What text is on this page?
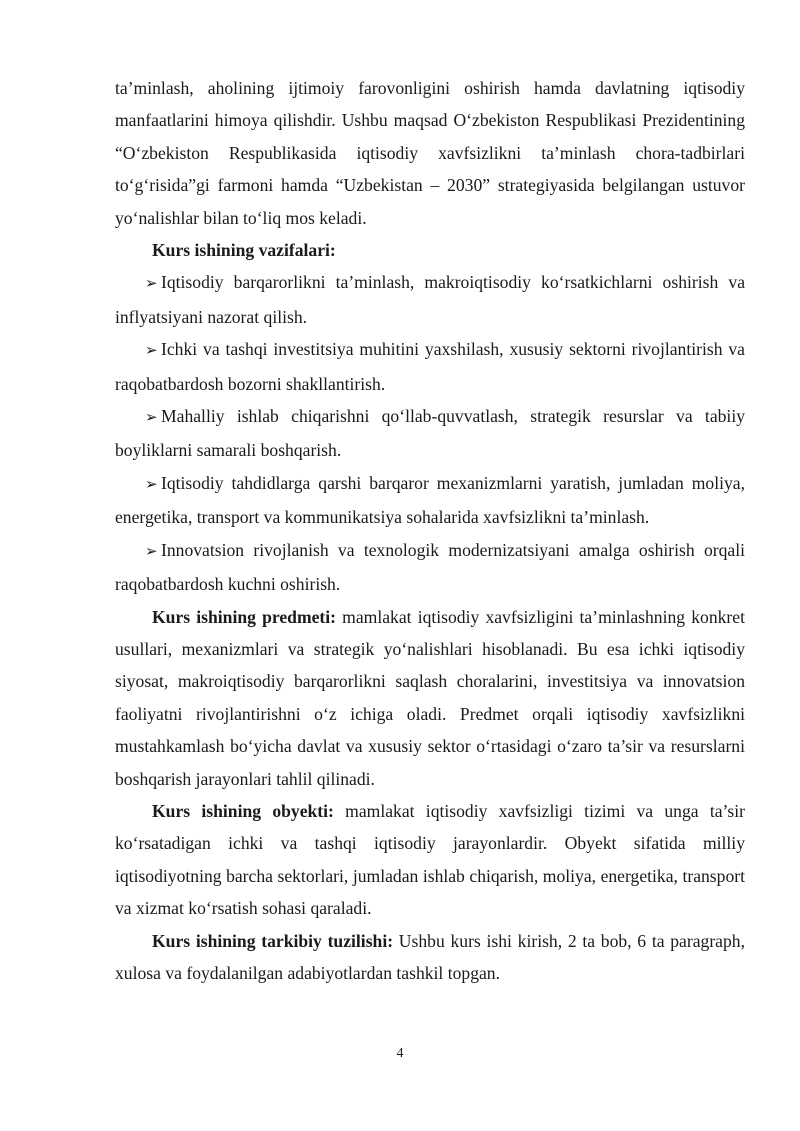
ta’minlash, aholining ijtimoiy farovonligini oshirish hamda davlatning iqtisodiy manfaatlarini himoya qilishdir. Ushbu maqsad O‘zbekiston Respublikasi Prezidentining “O‘zbekiston Respublikasida iqtisodiy xavfsizlikni ta’minlash chora-tadbirlari to‘g‘risida”gi farmoni hamda “Uzbekistan – 2030” strategiyasida belgilangan ustuvor yo‘nalishlar bilan to‘liq mos keladi.

Kurs ishining vazifalari:

➢ Iqtisodiy barqarorlikni ta’minlash, makroiqtisodiy ko‘rsatkichlarni oshirish va inflyatsiyani nazorat qilish.

➢ Ichki va tashqi investitsiya muhitini yaxshilash, xususiy sektorni rivojlantirish va raqobatbardosh bozorni shakllantirish.

➢ Mahalliy ishlab chiqarishni qo‘llab-quvvatlash, strategik resurslar va tabiiy boyliklarni samarali boshqarish.

➢ Iqtisodiy tahdidlarga qarshi barqaror mexanizmlarni yaratish, jumladan moliya, energetika, transport va kommunikatsiya sohalarida xavfsizlikni ta’minlash.

➢ Innovatsion rivojlanish va texnologik modernizatsiyani amalga oshirish orqali raqobatbardosh kuchni oshirish.

Kurs ishining predmeti: mamlakat iqtisodiy xavfsizligini ta’minlashning konkret usullari, mexanizmlari va strategik yo‘nalishlari hisoblanadi. Bu esa ichki iqtisodiy siyosat, makroiqtisodiy barqarorlikni saqlash choralarini, investitsiya va innovatsion faoliyatni rivojlantirishni o‘z ichiga oladi. Predmet orqali iqtisodiy xavfsizlikni mustahkamlash bo‘yicha davlat va xususiy sektor o‘rtasidagi o‘zaro ta’sir va resurslarni boshqarish jarayonlari tahlil qilinadi.

Kurs ishining obyekti: mamlakat iqtisodiy xavfsizligi tizimi va unga ta’sir ko‘rsatadigan ichki va tashqi iqtisodiy jarayonlardir. Obyekt sifatida milliy iqtisodiyotning barcha sektorlari, jumladan ishlab chiqarish, moliya, energetika, transport va xizmat ko‘rsatish sohasi qaraladi.

Kurs ishining tarkibiy tuzilishi: Ushbu kurs ishi kirish, 2 ta bob, 6 ta paragraph, xulosa va foydalanilgan adabiyotlardan tashkil topgan.

4
